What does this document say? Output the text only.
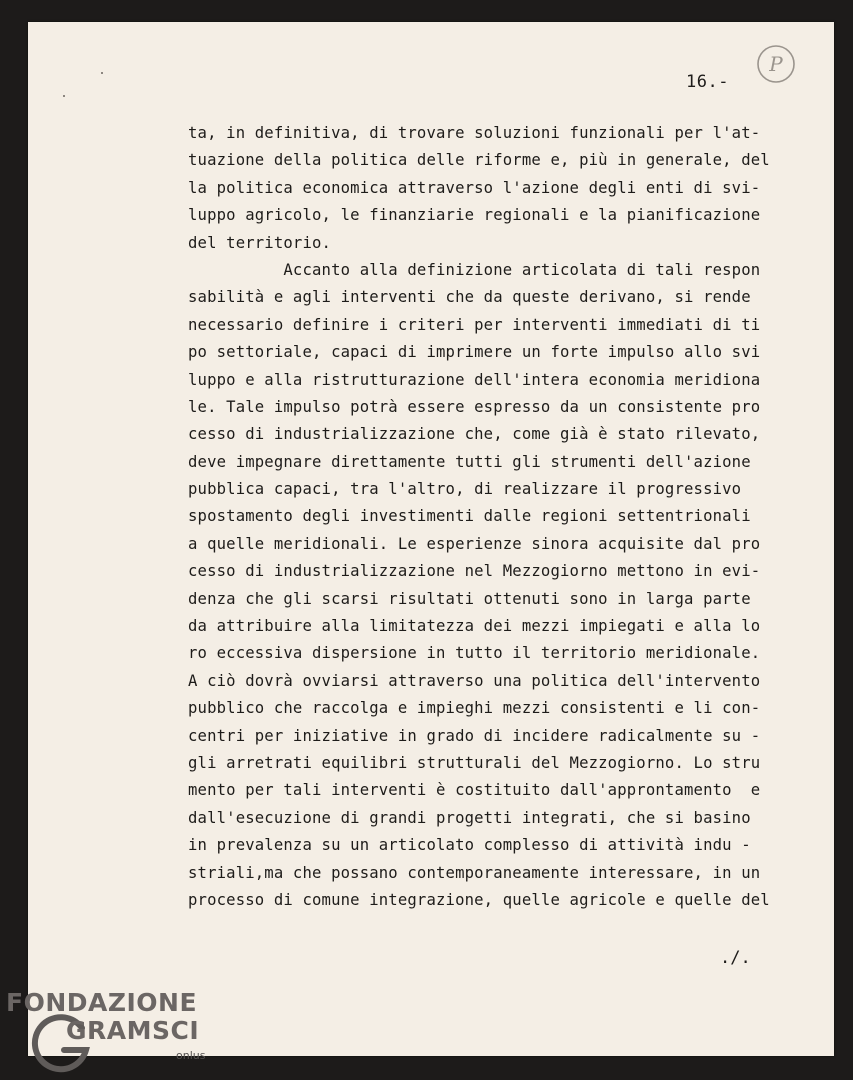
16.-
P
ta, in definitiva, di trovare soluzioni funzionali per l'at-
tuazione della politica delle riforme e, più in generale, del
la politica economica attraverso l'azione degli enti di svi-
luppo agricolo, le finanziarie regionali e la pianificazione
del territorio.
Accanto alla definizione articolata di tali respon
sabilità e agli interventi che da queste derivano, si rende
necessario definire i criteri per interventi immediati di ti
po settoriale, capaci di imprimere un forte impulso allo svi
luppo e alla ristrutturazione dell'intera economia meridiona
le. Tale impulso potrà essere espresso da un consistente pro
cesso di industrializzazione che, come già è stato rilevato,
deve impegnare direttamente tutti gli strumenti dell'azione
pubblica capaci, tra l'altro, di realizzare il progressivo
spostamento degli investimenti dalle regioni settentrionali
a quelle meridionali. Le esperienze sinora acquisite dal pro
cesso di industrializzazione nel Mezzogiorno mettono in evi-
denza che gli scarsi risultati ottenuti sono in larga parte
da attribuire alla limitatezza dei mezzi impiegati e alla lo
ro eccessiva dispersione in tutto il territorio meridionale.
A ciò dovrà ovviarsi attraverso una politica dell'intervento
pubblico che raccolga e impieghi mezzi consistenti e li con-
centri per iniziative in grado di incidere radicalmente su -
gli arretrati equilibri strutturali del Mezzogiorno. Lo stru
mento per tali interventi è costituito dall'approntamento  e
dall'esecuzione di grandi progetti integrati, che si basino
in prevalenza su un articolato complesso di attività indu -
striali,ma che possano contemporaneamente interessare, in un
processo di comune integrazione, quelle agricole e quelle del
./.
FONDAZIONE
GRAMSCI
onlus
